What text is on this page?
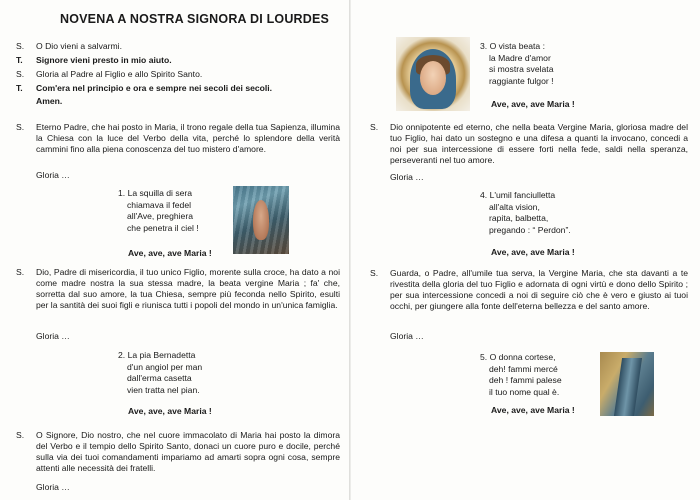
NOVENA A NOSTRA SIGNORA DI LOURDES
S.	O Dio vieni a salvarmi.
T.	Signore vieni presto in mio aiuto.
S.	Gloria al Padre al Figlio e allo Spirito Santo.
T.	Com'era nel principio e ora e sempre nei secoli dei secoli.
Amen.
S.	Eterno Padre, che hai posto in Maria, il trono regale della tua Sapienza, illumina la Chiesa con la luce del Verbo della vita, perché lo splendore della verità cammini fino alla piena conoscenza del tuo mistero d'amore.
Gloria …
1. La squilla di sera
chiamava il fedel
all'Ave, preghiera
che penetra il ciel !
Ave, ave, ave Maria !
S.	Dio, Padre di misericordia, il tuo unico Figlio, morente sulla croce, ha dato a noi come madre nostra la sua stessa madre, la beata vergine Maria ; fa' che, sorretta dal suo amore, la tua Chiesa, sempre più feconda nello Spirito, esulti per la santità dei suoi figli e riunisca tutti i popoli del mondo in un'unica famiglia.
Gloria …
2. La pia Bernadetta
d'un angiol per man
dall'erma casetta
vien tratta nel pian.
Ave, ave, ave Maria !
S.	O Signore, Dio nostro, che nel cuore immacolato di Maria hai posto la dimora del Verbo e il tempio dello Spirito Santo, donaci un cuore puro e docile, perché sulla via dei tuoi comandamenti impariamo ad amarti sopra ogni cosa, sempre attenti alle necessità dei fratelli.
Gloria …
3. O vista beata :
la Madre d'amor
si mostra svelata
raggiante fulgor !
Ave, ave, ave Maria !
S.	Dio onnipotente ed eterno, che nella beata Vergine Maria, gloriosa madre del tuo Figlio, hai dato un sostegno e una difesa a quanti la invocano, concedi a noi per sua intercessione di essere forti nella fede, saldi nella speranza, perseveranti nel tuo amore.
Gloria …
4. L'umil fanciulletta
all'alta vision,
rapita, balbetta,
pregando : “ Perdon”.
Ave, ave, ave Maria !
S.	Guarda, o Padre, all'umile tua serva, la Vergine Maria, che sta davanti a te rivestita della gloria del tuo Figlio e adornata di ogni virtù e dono dello Spirito ; per sua intercessione concedi a noi di seguire ciò che è vero e giusto ai tuoi occhi, per giungere alla fonte dell'eterna bellezza e del santo amore.
Gloria …
5. O donna cortese,
deh! fammi mercé
deh ! fammi palese
il tuo nome qual è.
Ave, ave, ave Maria !
